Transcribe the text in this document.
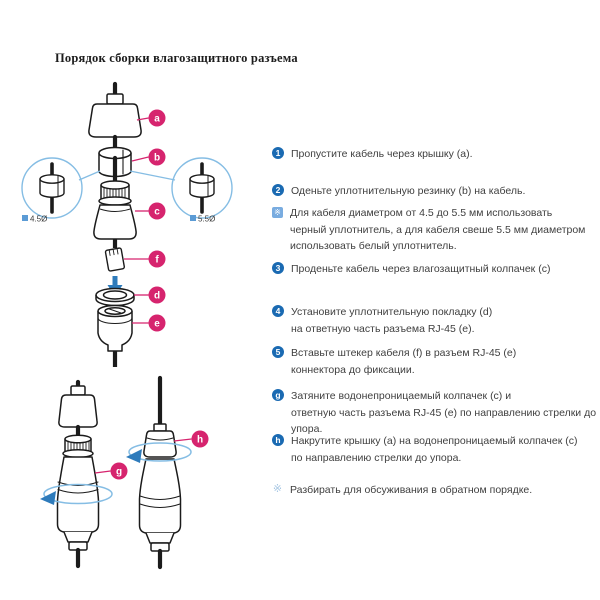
Порядок сборки влагозащитного разъема
4.5Ø	5.5Ø
a
b
c
f
d
e
g
h
1	Пропустите кабель через крышку (a).
2	Оденьте уплотнительную резинку (b) на кабель.
※ Для кабеля диаметром от 4.5 до 5.5 мм использовать
черный уплотнитель, а для кабеля свеше 5.5 мм диаметром
использовать белый уплотнитель.
3	Проденьте кабель через влагозащитный колпачек (c)
4	Установите уплотнительную покладку (d)
на ответную часть разъема RJ-45 (e).
5	Вставьте штекер кабеля (f) в разъем RJ-45 (e)
коннектора до фиксации.
g Затяните водонепроницаемый колпачек (c) и
ответную часть разъема RJ-45 (e) по направлению стрелки до упора.
h Накрутите крышку (a) на водонепроницаемый колпачек (c)
по направлению стрелки до упора.
※ Разбирать для обсуживания в обратном порядке.
